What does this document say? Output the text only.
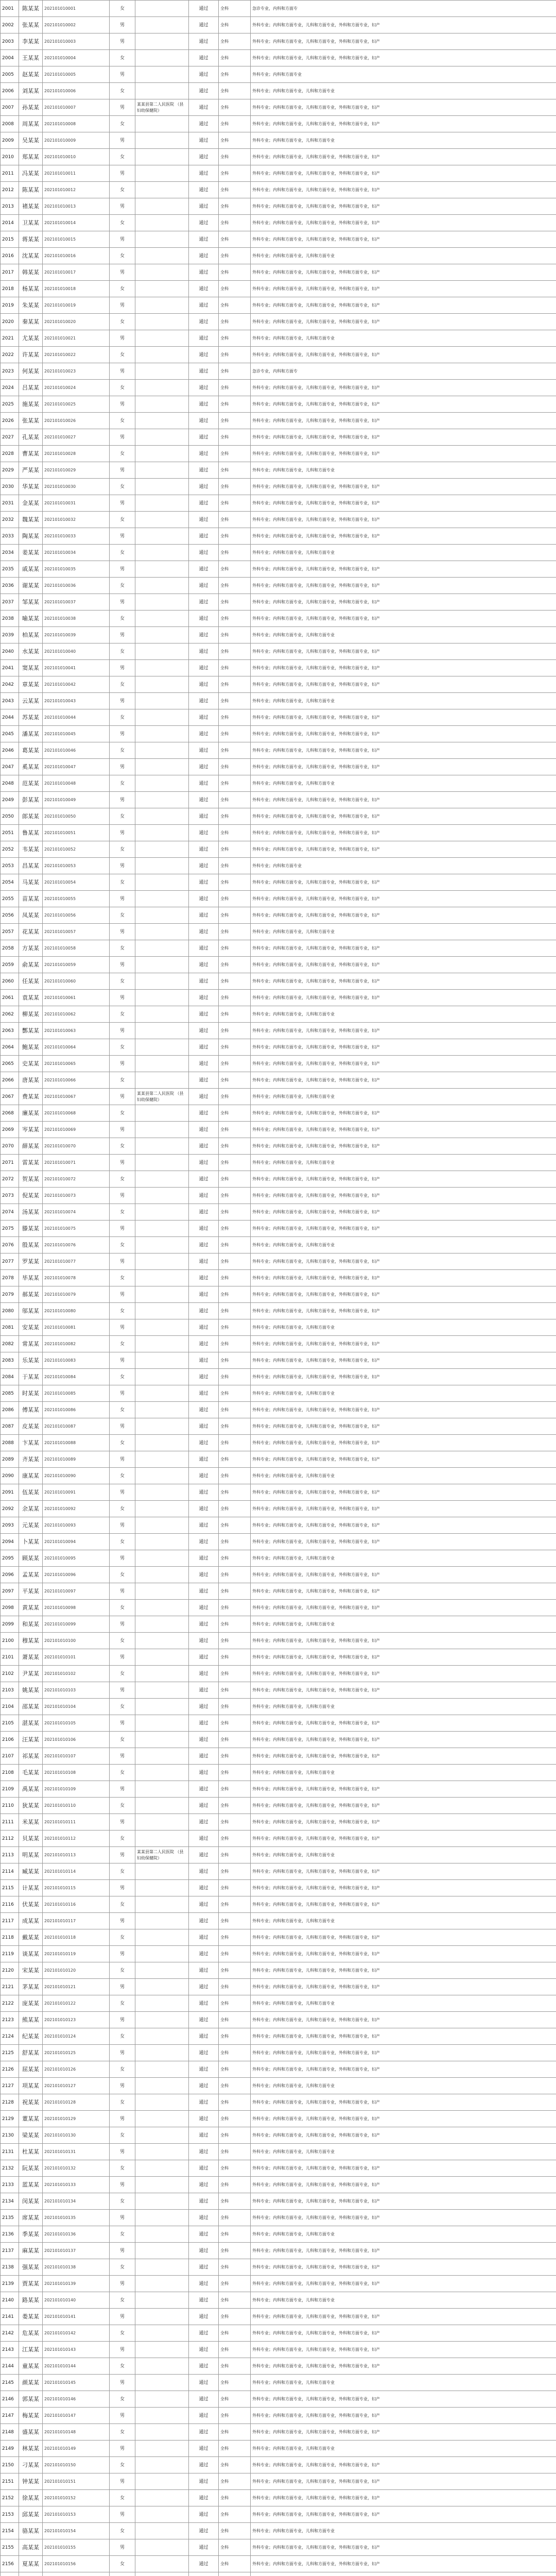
2001	陈某某	202101010001	女		通过	全科	急诊专业，内科和方面专
2002	张某某	202101010002	男		通过	全科	外科专业；内科和方面专业，儿科和方面专业，外科和方面专业，妇产
2003	李某某	202101010003	男		通过	全科	外科专业；内科和方面专业，儿科和方面专业，外科和方面专业，妇产
2004	王某某	202101010004	女		通过	全科	外科专业；内科和方面专业，儿科和方面专业，外科和方面专业，妇产
2005	赵某某	202101010005	男		通过	全科	外科专业；内科和方面专业
2006	刘某某	202101010006	女		通过	全科	外科专业；内科和方面专业，儿科和方面专业
2007	孙某某	202101010007	男	某某县第二人民医院 （县妇幼保健院）	通过	全科	外科专业；内科和方面专业，儿科和方面专业，外科和方面专业，妇产
2008	周某某	202101010008	女		通过	全科	外科专业；内科和方面专业，儿科和方面专业，外科和方面专业，妇产
2009	吴某某	202101010009	男		通过	全科	外科专业；内科和方面专业，儿科和方面专业
2010	郑某某	202101010010	女		通过	全科	外科专业；内科和方面专业，儿科和方面专业，外科和方面专业，妇产
2011	冯某某	202101010011	男		通过	全科	外科专业；内科和方面专业，儿科和方面专业，外科和方面专业，妇产
2012	陈某某	202101010012	女		通过	全科	外科专业；内科和方面专业，儿科和方面专业，外科和方面专业，妇产
2013	褚某某	202101010013	男		通过	全科	外科专业；内科和方面专业，儿科和方面专业，外科和方面专业，妇产
2014	卫某某	202101010014	女		通过	全科	外科专业；内科和方面专业，儿科和方面专业，外科和方面专业，妇产
2015	蒋某某	202101010015	男		通过	全科	外科专业；内科和方面专业，儿科和方面专业，外科和方面专业，妇产
2016	沈某某	202101010016	女		通过	全科	外科专业；内科和方面专业，儿科和方面专业
2017	韩某某	202101010017	男		通过	全科	外科专业；内科和方面专业，儿科和方面专业，外科和方面专业，妇产
2018	杨某某	202101010018	女		通过	全科	外科专业；内科和方面专业，儿科和方面专业，外科和方面专业，妇产
2019	朱某某	202101010019	男		通过	全科	外科专业；内科和方面专业，儿科和方面专业，外科和方面专业，妇产
2020	秦某某	202101010020	女		通过	全科	外科专业；内科和方面专业，儿科和方面专业，外科和方面专业，妇产
2021	尤某某	202101010021	男		通过	全科	外科专业；内科和方面专业，儿科和方面专业
2022	许某某	202101010022	女		通过	全科	外科专业；内科和方面专业，儿科和方面专业，外科和方面专业，妇产
2023	何某某	202101010023	男		通过	全科	急诊专业，内科和方面专
2024	吕某某	202101010024	女		通过	全科	外科专业；内科和方面专业，儿科和方面专业，外科和方面专业，妇产
2025	施某某	202101010025	男		通过	全科	外科专业；内科和方面专业，儿科和方面专业，外科和方面专业，妇产
2026	张某某	202101010026	女		通过	全科	外科专业；内科和方面专业，儿科和方面专业，外科和方面专业，妇产
2027	孔某某	202101010027	男		通过	全科	外科专业；内科和方面专业，儿科和方面专业，外科和方面专业，妇产
2028	曹某某	202101010028	女		通过	全科	外科专业；内科和方面专业，儿科和方面专业，外科和方面专业，妇产
2029	严某某	202101010029	男		通过	全科	外科专业；内科和方面专业，儿科和方面专业
2030	华某某	202101010030	女		通过	全科	外科专业；内科和方面专业，儿科和方面专业，外科和方面专业，妇产
2031	金某某	202101010031	男		通过	全科	外科专业；内科和方面专业，儿科和方面专业，外科和方面专业，妇产
2032	魏某某	202101010032	女		通过	全科	外科专业；内科和方面专业，儿科和方面专业，外科和方面专业，妇产
2033	陶某某	202101010033	男		通过	全科	外科专业；内科和方面专业，儿科和方面专业，外科和方面专业，妇产
2034	姜某某	202101010034	女		通过	全科	外科专业；内科和方面专业，儿科和方面专业
2035	戚某某	202101010035	男		通过	全科	外科专业；内科和方面专业，儿科和方面专业，外科和方面专业，妇产
2036	谢某某	202101010036	女		通过	全科	外科专业；内科和方面专业，儿科和方面专业，外科和方面专业，妇产
2037	邹某某	202101010037	男		通过	全科	外科专业；内科和方面专业，儿科和方面专业，外科和方面专业，妇产
2038	喻某某	202101010038	女		通过	全科	外科专业；内科和方面专业，儿科和方面专业，外科和方面专业，妇产
2039	柏某某	202101010039	男		通过	全科	外科专业；内科和方面专业，儿科和方面专业
2040	水某某	202101010040	女		通过	全科	外科专业；内科和方面专业，儿科和方面专业，外科和方面专业，妇产
2041	窦某某	202101010041	男		通过	全科	外科专业；内科和方面专业，儿科和方面专业，外科和方面专业，妇产
2042	章某某	202101010042	女		通过	全科	外科专业；内科和方面专业，儿科和方面专业，外科和方面专业，妇产
2043	云某某	202101010043	男		通过	全科	外科专业；内科和方面专业，儿科和方面专业
2044	苏某某	202101010044	女		通过	全科	外科专业；内科和方面专业，儿科和方面专业，外科和方面专业，妇产
2045	潘某某	202101010045	男		通过	全科	外科专业；内科和方面专业，儿科和方面专业，外科和方面专业，妇产
2046	葛某某	202101010046	女		通过	全科	外科专业；内科和方面专业，儿科和方面专业，外科和方面专业，妇产
2047	奚某某	202101010047	男		通过	全科	外科专业；内科和方面专业，儿科和方面专业，外科和方面专业，妇产
2048	范某某	202101010048	女		通过	全科	外科专业；内科和方面专业，儿科和方面专业
2049	彭某某	202101010049	男		通过	全科	外科专业；内科和方面专业，儿科和方面专业，外科和方面专业，妇产
2050	郎某某	202101010050	女		通过	全科	外科专业；内科和方面专业，儿科和方面专业，外科和方面专业，妇产
2051	鲁某某	202101010051	男		通过	全科	外科专业；内科和方面专业，儿科和方面专业，外科和方面专业，妇产
2052	韦某某	202101010052	女		通过	全科	外科专业；内科和方面专业，儿科和方面专业，外科和方面专业，妇产
2053	昌某某	202101010053	男		通过	全科	外科专业；内科和方面专业
2054	马某某	202101010054	女		通过	全科	外科专业；内科和方面专业，儿科和方面专业，外科和方面专业，妇产
2055	苗某某	202101010055	男		通过	全科	外科专业；内科和方面专业，儿科和方面专业，外科和方面专业，妇产
2056	凤某某	202101010056	女		通过	全科	外科专业；内科和方面专业，儿科和方面专业，外科和方面专业，妇产
2057	花某某	202101010057	男		通过	全科	外科专业；内科和方面专业，儿科和方面专业
2058	方某某	202101010058	女		通过	全科	外科专业；内科和方面专业，儿科和方面专业，外科和方面专业，妇产
2059	俞某某	202101010059	男		通过	全科	外科专业；内科和方面专业，儿科和方面专业，外科和方面专业，妇产
2060	任某某	202101010060	女		通过	全科	外科专业；内科和方面专业，儿科和方面专业，外科和方面专业，妇产
2061	袁某某	202101010061	男		通过	全科	外科专业；内科和方面专业，儿科和方面专业，外科和方面专业，妇产
2062	柳某某	202101010062	女		通过	全科	外科专业；内科和方面专业，儿科和方面专业
2063	酆某某	202101010063	男		通过	全科	外科专业；内科和方面专业，儿科和方面专业，外科和方面专业，妇产
2064	鲍某某	202101010064	女		通过	全科	外科专业；内科和方面专业，儿科和方面专业，外科和方面专业，妇产
2065	史某某	202101010065	男		通过	全科	外科专业；内科和方面专业，儿科和方面专业，外科和方面专业，妇产
2066	唐某某	202101010066	女		通过	全科	外科专业；内科和方面专业，儿科和方面专业，外科和方面专业，妇产
2067	费某某	202101010067	男	某某县第二人民医院 （县妇幼保健院）	通过	全科	外科专业；内科和方面专业，儿科和方面专业
2068	廉某某	202101010068	女		通过	全科	外科专业；内科和方面专业，儿科和方面专业，外科和方面专业，妇产
2069	岑某某	202101010069	男		通过	全科	外科专业；内科和方面专业，儿科和方面专业，外科和方面专业，妇产
2070	薛某某	202101010070	女		通过	全科	外科专业；内科和方面专业，儿科和方面专业，外科和方面专业，妇产
2071	雷某某	202101010071	男		通过	全科	外科专业；内科和方面专业，儿科和方面专业
2072	贺某某	202101010072	女		通过	全科	外科专业；内科和方面专业，儿科和方面专业，外科和方面专业，妇产
2073	倪某某	202101010073	男		通过	全科	外科专业；内科和方面专业，儿科和方面专业，外科和方面专业，妇产
2074	汤某某	202101010074	女		通过	全科	外科专业；内科和方面专业，儿科和方面专业，外科和方面专业，妇产
2075	滕某某	202101010075	男		通过	全科	外科专业；内科和方面专业，儿科和方面专业，外科和方面专业，妇产
2076	殷某某	202101010076	女		通过	全科	外科专业；内科和方面专业，儿科和方面专业
2077	罗某某	202101010077	男		通过	全科	外科专业；内科和方面专业，儿科和方面专业，外科和方面专业，妇产
2078	毕某某	202101010078	女		通过	全科	外科专业；内科和方面专业，儿科和方面专业，外科和方面专业，妇产
2079	郝某某	202101010079	男		通过	全科	外科专业；内科和方面专业，儿科和方面专业，外科和方面专业，妇产
2080	邬某某	202101010080	女		通过	全科	外科专业；内科和方面专业，儿科和方面专业，外科和方面专业，妇产
2081	安某某	202101010081	男		通过	全科	外科专业；内科和方面专业，儿科和方面专业
2082	常某某	202101010082	女		通过	全科	外科专业；内科和方面专业，儿科和方面专业，外科和方面专业，妇产
2083	乐某某	202101010083	男		通过	全科	外科专业；内科和方面专业，儿科和方面专业，外科和方面专业，妇产
2084	于某某	202101010084	女		通过	全科	外科专业；内科和方面专业，儿科和方面专业，外科和方面专业，妇产
2085	时某某	202101010085	男		通过	全科	外科专业；内科和方面专业，儿科和方面专业
2086	傅某某	202101010086	女		通过	全科	外科专业；内科和方面专业，儿科和方面专业，外科和方面专业，妇产
2087	皮某某	202101010087	男		通过	全科	外科专业；内科和方面专业，儿科和方面专业，外科和方面专业，妇产
2088	卞某某	202101010088	女		通过	全科	外科专业；内科和方面专业，儿科和方面专业，外科和方面专业，妇产
2089	齐某某	202101010089	男		通过	全科	外科专业；内科和方面专业，儿科和方面专业，外科和方面专业，妇产
2090	康某某	202101010090	女		通过	全科	外科专业；内科和方面专业，儿科和方面专业
2091	伍某某	202101010091	男		通过	全科	外科专业；内科和方面专业，儿科和方面专业，外科和方面专业，妇产
2092	余某某	202101010092	女		通过	全科	外科专业；内科和方面专业，儿科和方面专业，外科和方面专业，妇产
2093	元某某	202101010093	男		通过	全科	外科专业；内科和方面专业，儿科和方面专业，外科和方面专业，妇产
2094	卜某某	202101010094	女		通过	全科	外科专业；内科和方面专业，儿科和方面专业，外科和方面专业，妇产
2095	顾某某	202101010095	男		通过	全科	外科专业；内科和方面专业，儿科和方面专业
2096	孟某某	202101010096	女		通过	全科	外科专业；内科和方面专业，儿科和方面专业，外科和方面专业，妇产
2097	平某某	202101010097	男		通过	全科	外科专业；内科和方面专业，儿科和方面专业，外科和方面专业，妇产
2098	黄某某	202101010098	女		通过	全科	外科专业；内科和方面专业，儿科和方面专业，外科和方面专业，妇产
2099	和某某	202101010099	男		通过	全科	外科专业；内科和方面专业，儿科和方面专业
2100	穆某某	202101010100	女		通过	全科	外科专业；内科和方面专业，儿科和方面专业，外科和方面专业，妇产
2101	萧某某	202101010101	男		通过	全科	外科专业；内科和方面专业，儿科和方面专业，外科和方面专业，妇产
2102	尹某某	202101010102	女		通过	全科	外科专业；内科和方面专业，儿科和方面专业，外科和方面专业，妇产
2103	姚某某	202101010103	男		通过	全科	外科专业；内科和方面专业，儿科和方面专业，外科和方面专业，妇产
2104	邵某某	202101010104	女		通过	全科	外科专业；内科和方面专业，儿科和方面专业
2105	湛某某	202101010105	男		通过	全科	外科专业；内科和方面专业，儿科和方面专业，外科和方面专业，妇产
2106	汪某某	202101010106	女		通过	全科	外科专业；内科和方面专业，儿科和方面专业，外科和方面专业，妇产
2107	祁某某	202101010107	男		通过	全科	外科专业；内科和方面专业，儿科和方面专业，外科和方面专业，妇产
2108	毛某某	202101010108	女		通过	全科	外科专业；内科和方面专业，儿科和方面专业
2109	禹某某	202101010109	男		通过	全科	外科专业；内科和方面专业，儿科和方面专业，外科和方面专业，妇产
2110	狄某某	202101010110	女		通过	全科	外科专业；内科和方面专业，儿科和方面专业，外科和方面专业，妇产
2111	米某某	202101010111	男		通过	全科	外科专业；内科和方面专业，儿科和方面专业，外科和方面专业，妇产
2112	贝某某	202101010112	女		通过	全科	外科专业；内科和方面专业，儿科和方面专业，外科和方面专业，妇产
2113	明某某	202101010113	男	某某县第二人民医院 （县妇幼保健院）	通过	全科	外科专业；内科和方面专业，儿科和方面专业
2114	臧某某	202101010114	女		通过	全科	外科专业；内科和方面专业，儿科和方面专业，外科和方面专业，妇产
2115	计某某	202101010115	男		通过	全科	外科专业；内科和方面专业，儿科和方面专业，外科和方面专业，妇产
2116	伏某某	202101010116	女		通过	全科	外科专业；内科和方面专业，儿科和方面专业，外科和方面专业，妇产
2117	成某某	202101010117	男		通过	全科	外科专业；内科和方面专业，儿科和方面专业
2118	戴某某	202101010118	女		通过	全科	外科专业；内科和方面专业，儿科和方面专业，外科和方面专业，妇产
2119	谈某某	202101010119	男		通过	全科	外科专业；内科和方面专业，儿科和方面专业，外科和方面专业，妇产
2120	宋某某	202101010120	女		通过	全科	外科专业；内科和方面专业，儿科和方面专业，外科和方面专业，妇产
2121	茅某某	202101010121	男		通过	全科	外科专业；内科和方面专业，儿科和方面专业，外科和方面专业，妇产
2122	庞某某	202101010122	女		通过	全科	外科专业；内科和方面专业，儿科和方面专业
2123	熊某某	202101010123	男		通过	全科	外科专业；内科和方面专业，儿科和方面专业，外科和方面专业，妇产
2124	纪某某	202101010124	女		通过	全科	外科专业；内科和方面专业，儿科和方面专业，外科和方面专业，妇产
2125	舒某某	202101010125	男		通过	全科	外科专业；内科和方面专业，儿科和方面专业，外科和方面专业，妇产
2126	屈某某	202101010126	女		通过	全科	外科专业；内科和方面专业，儿科和方面专业，外科和方面专业，妇产
2127	项某某	202101010127	男		通过	全科	外科专业；内科和方面专业，儿科和方面专业
2128	祝某某	202101010128	女		通过	全科	外科专业；内科和方面专业，儿科和方面专业，外科和方面专业，妇产
2129	董某某	202101010129	男		通过	全科	外科专业；内科和方面专业，儿科和方面专业，外科和方面专业，妇产
2130	梁某某	202101010130	女		通过	全科	外科专业；内科和方面专业，儿科和方面专业，外科和方面专业，妇产
2131	杜某某	202101010131	男		通过	全科	外科专业；内科和方面专业，儿科和方面专业
2132	阮某某	202101010132	女		通过	全科	外科专业；内科和方面专业，儿科和方面专业，外科和方面专业，妇产
2133	蓝某某	202101010133	男		通过	全科	外科专业；内科和方面专业，儿科和方面专业，外科和方面专业，妇产
2134	闵某某	202101010134	女		通过	全科	外科专业；内科和方面专业，儿科和方面专业，外科和方面专业，妇产
2135	席某某	202101010135	男		通过	全科	外科专业；内科和方面专业，儿科和方面专业，外科和方面专业，妇产
2136	季某某	202101010136	女		通过	全科	外科专业；内科和方面专业，儿科和方面专业
2137	麻某某	202101010137	男		通过	全科	外科专业；内科和方面专业，儿科和方面专业，外科和方面专业，妇产
2138	强某某	202101010138	女		通过	全科	外科专业；内科和方面专业，儿科和方面专业，外科和方面专业，妇产
2139	贾某某	202101010139	男		通过	全科	外科专业；内科和方面专业，儿科和方面专业，外科和方面专业，妇产
2140	路某某	202101010140	女		通过	全科	外科专业；内科和方面专业，儿科和方面专业
2141	娄某某	202101010141	男		通过	全科	外科专业；内科和方面专业，儿科和方面专业，外科和方面专业，妇产
2142	危某某	202101010142	女		通过	全科	外科专业；内科和方面专业，儿科和方面专业，外科和方面专业，妇产
2143	江某某	202101010143	男		通过	全科	外科专业；内科和方面专业，儿科和方面专业，外科和方面专业，妇产
2144	童某某	202101010144	女		通过	全科	外科专业；内科和方面专业，儿科和方面专业，外科和方面专业，妇产
2145	颜某某	202101010145	男		通过	全科	外科专业；内科和方面专业，儿科和方面专业
2146	郭某某	202101010146	女		通过	全科	外科专业；内科和方面专业，儿科和方面专业，外科和方面专业，妇产
2147	梅某某	202101010147	男		通过	全科	外科专业；内科和方面专业，儿科和方面专业，外科和方面专业，妇产
2148	盛某某	202101010148	女		通过	全科	外科专业；内科和方面专业，儿科和方面专业，外科和方面专业，妇产
2149	林某某	202101010149	男		通过	全科	外科专业；内科和方面专业，儿科和方面专业
2150	刁某某	202101010150	女		通过	全科	外科专业；内科和方面专业，儿科和方面专业，外科和方面专业，妇产
2151	钟某某	202101010151	男		通过	全科	外科专业；内科和方面专业，儿科和方面专业，外科和方面专业，妇产
2152	徐某某	202101010152	女		通过	全科	外科专业；内科和方面专业，儿科和方面专业，外科和方面专业，妇产
2153	邱某某	202101010153	男		通过	全科	外科专业；内科和方面专业，儿科和方面专业，外科和方面专业，妇产
2154	骆某某	202101010154	女		通过	全科	外科专业；内科和方面专业，儿科和方面专业
2155	高某某	202101010155	男		通过	全科	外科专业；内科和方面专业，儿科和方面专业，外科和方面专业，妇产
2156	夏某某	202101010156	女		通过	全科	外科专业；内科和方面专业，儿科和方面专业，外科和方面专业，妇产
